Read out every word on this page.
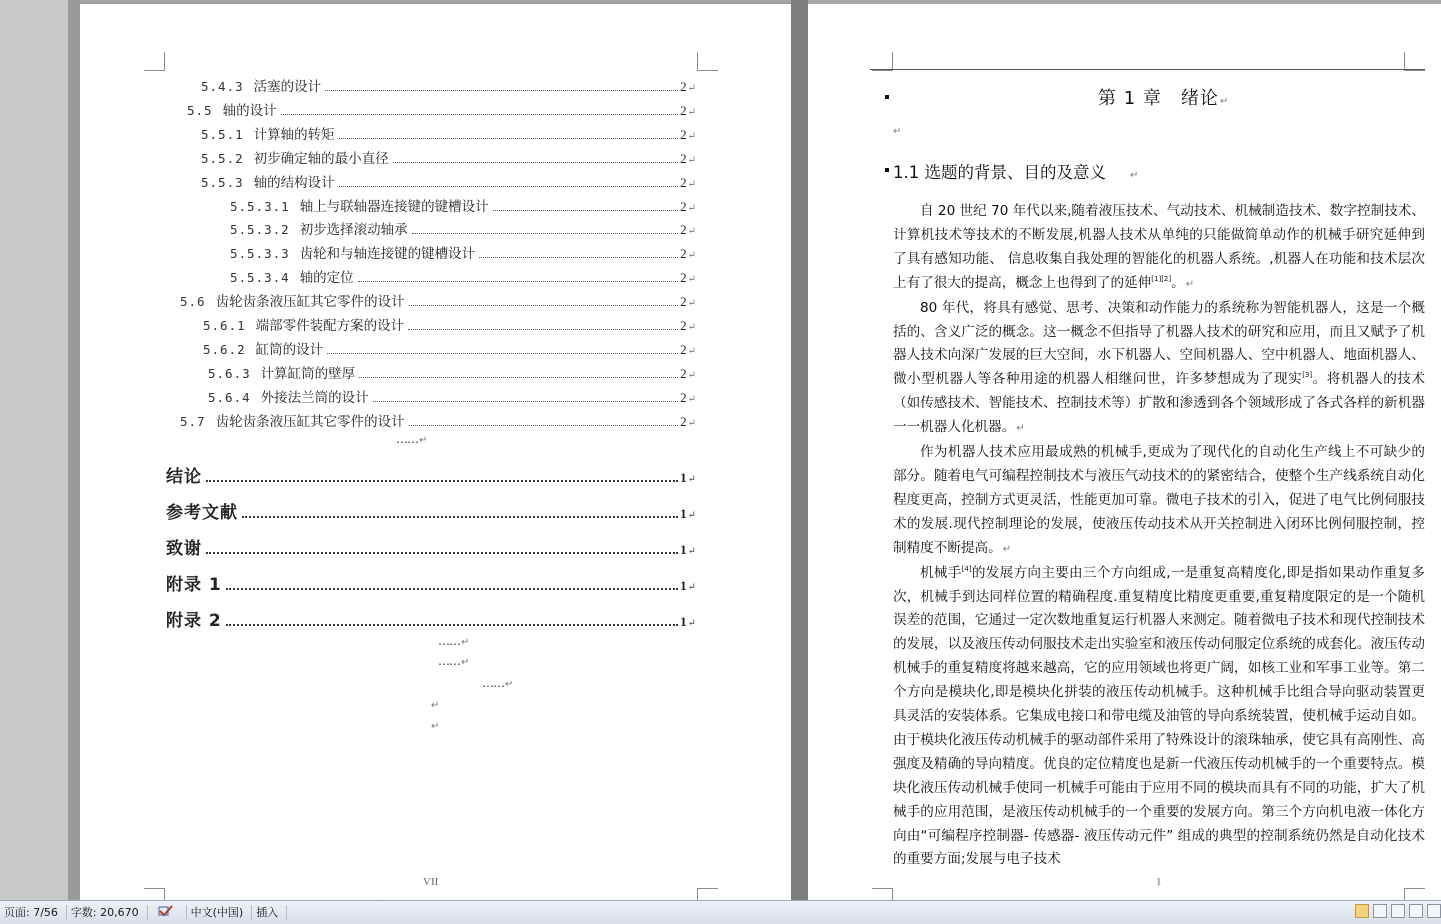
VII	1
5.4.3 活塞的设计	2 ↵
5.5 轴的设计	2 ↵
5.5.1 计算轴的转矩	2 ↵
5.5.2 初步确定轴的最小直径	2 ↵
5.5.3 轴的结构设计	2 ↵
5.5.3.1 轴上与联轴器连接键的键槽设计	2 ↵
5.5.3.2 初步选择滚动轴承	2 ↵
5.5.3.3 齿轮和与轴连接键的键槽设计	2 ↵
5.5.3.4 轴的定位	2 ↵
5.6 齿轮齿条液压缸其它零件的设计	2 ↵
5.6.1 端部零件装配方案的设计	2 ↵
5.6.2 缸筒的设计	2 ↵
5.6.3 计算缸筒的壁厚	2 ↵
5.6.4 外接法兰筒的设计	2 ↵
5.7 齿轮齿条液压缸其它零件的设计	2 ↵
……↵
结论	1 ↵
参考文献	1 ↵
致谢	1 ↵
附录 1	1 ↵
附录 2	1 ↵
……↵
……↵
……↵
↵
↵
第 1 章　绪论↵
↵
1.1 选题的背景、目的及意义 ↵

自 20 世纪 70 年代以来,随着液压技术、气动技术、机械制造技术、数字控制技术、计算机技术等技术的不断发展,机器人技术从单纯的只能做简单动作的机械手研究延伸到了具有感知功能、 信息收集自我处理的智能化的机器人系统。,机器人在功能和技术层次上有了很大的提高，概念上也得到了的延伸[1][2]。↵

80 年代，将具有感觉、思考、决策和动作能力的系统称为智能机器人，这是一个概括的、含义广泛的概念。这一概念不但指导了机器人技术的研究和应用，而且又赋予了机器人技术向深广发展的巨大空间，水下机器人、空间机器人、空中机器人、地面机器人、微小型机器人等各种用途的机器人相继问世，许多梦想成为了现实[3]。将机器人的技术（如传感技术、智能技术、控制技术等）扩散和渗透到各个领域形成了各式各样的新机器一一机器人化机器。↵

作为机器人技术应用最成熟的机械手,更成为了现代化的自动化生产线上不可缺少的部分。随着电气可编程控制技术与液压气动技术的的紧密结合，使整个生产线系统自动化程度更高，控制方式更灵活，性能更加可靠。微电子技术的引入，促进了电气比例伺服技术的发展.现代控制理论的发展，使液压传动技术从开关控制进入闭环比例伺服控制，控制精度不断提高。↵

机械手[4]的发展方向主要由三个方向组成,一是重复高精度化,即是指如果动作重复多次，机械手到达同样位置的精确程度.重复精度比精度更重要,重复精度限定的是一个随机误差的范围，它通过一定次数地重复运行机器人来测定。随着微电子技术和现代控制技术的发展，以及液压传动伺服技术走出实验室和液压传动伺服定位系统的成套化。液压传动机械手的重复精度将越来越高，它的应用领域也将更广阔，如核工业和军事工业等。第二个方向是模块化,即是模块化拼装的液压传动机械手。这种机械手比组合导向驱动装置更具灵活的安装体系。它集成电接口和带电缆及油管的导向系统装置，使机械手运动自如。由于模块化液压传动机械手的驱动部件采用了特殊设计的滚珠轴承，使它具有高刚性、高强度及精确的导向精度。优良的定位精度也是新一代液压传动机械手的一个重要特点。模块化液压传动机械手使同一机械手可能由于应用不同的模块而具有不同的功能，扩大了机械手的应用范围，是液压传动机械手的一个重要的发展方向。第三个方向机电液一体化方向由“可编程序控制器- 传感器- 液压传动元件” 组成的典型的控制系统仍然是自动化技术的重要方面;发展与电子技术

页面: 7/56	字数: 20,670	中文(中国)	插入
